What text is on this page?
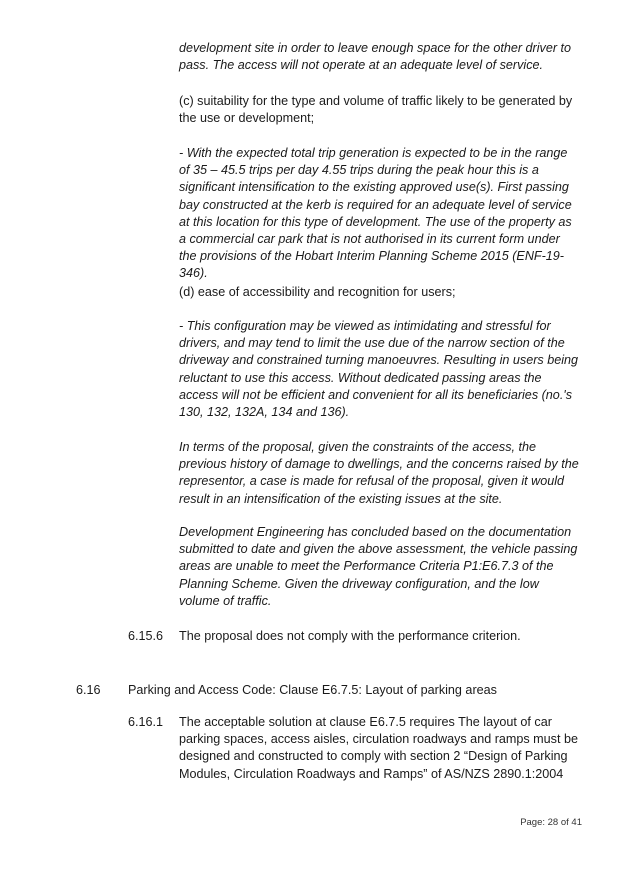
development site in order to leave enough space for the other driver to pass. The access will not operate at an adequate level of service.

(c) suitability for the type and volume of traffic likely to be generated by the use or development;

- With the expected total trip generation is expected to be in the range of 35 – 45.5 trips per day 4.55 trips during the peak hour this is a significant intensification to the existing approved use(s). First passing bay constructed at the kerb is required for an adequate level of service at this location for this type of development. The use of the property as a commercial car park that is not authorised in its current form under the provisions of the Hobart Interim Planning Scheme 2015 (ENF-19-346).

(d) ease of accessibility and recognition for users;

- This configuration may be viewed as intimidating and stressful for drivers, and may tend to limit the use due of the narrow section of the driveway and constrained turning manoeuvres. Resulting in users being reluctant to use this access. Without dedicated passing areas the access will not be efficient and convenient for all its beneficiaries (no.'s 130, 132, 132A, 134 and 136).

In terms of the proposal, given the constraints of the access, the previous history of damage to dwellings, and the concerns raised by the representor, a case is made for refusal of the proposal, given it would result in an intensification of the existing issues at the site.

Development Engineering has concluded based on the documentation submitted to date and given the above assessment, the vehicle passing areas are unable to meet the Performance Criteria P1:E6.7.3 of the Planning Scheme. Given the driveway configuration, and the low volume of traffic.

6.15.6 The proposal does not comply with the performance criterion.

6.16 Parking and Access Code: Clause E6.7.5: Layout of parking areas
6.16.1 The acceptable solution at clause E6.7.5 requires The layout of car parking spaces, access aisles, circulation roadways and ramps must be designed and constructed to comply with section 2 “Design of Parking Modules, Circulation Roadways and Ramps” of AS/NZS 2890.1:2004

Page: 28 of 41
